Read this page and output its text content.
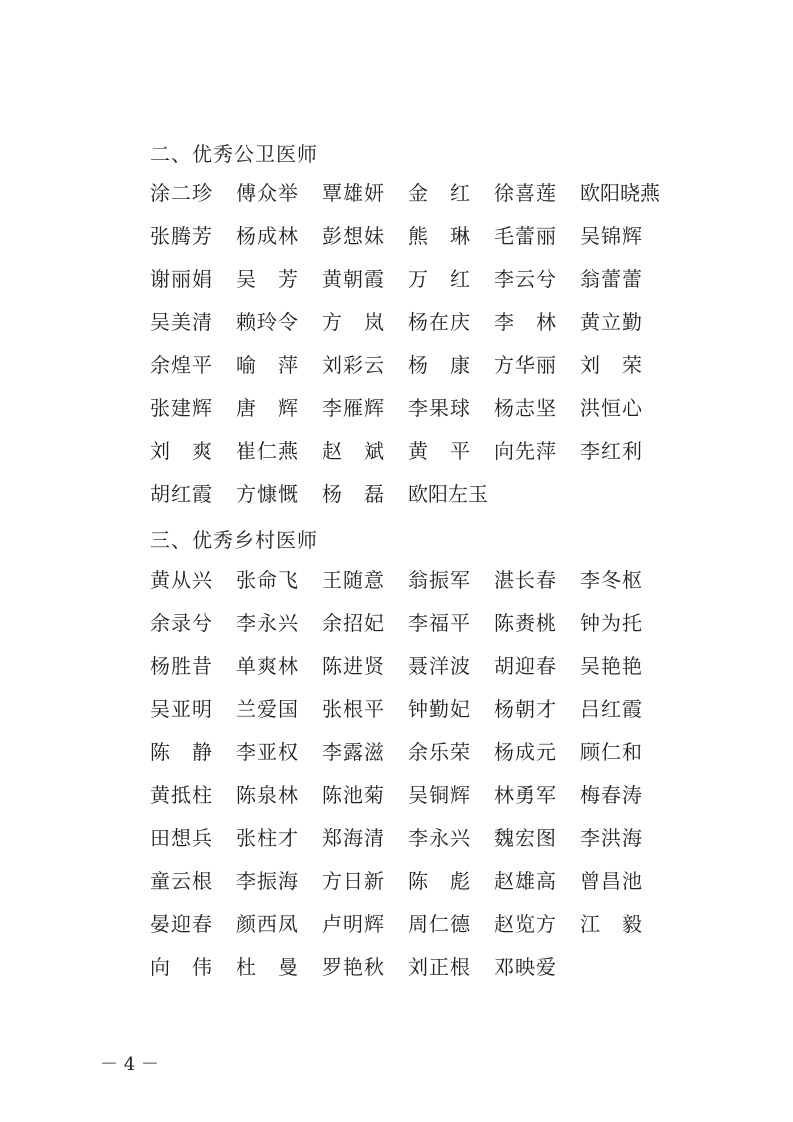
二、优秀公卫医师
涂二珍 傅众举 覃雄妍 金　红 徐喜莲 欧阳晓燕
张腾芳 杨成林 彭想妹 熊　琳 毛蕾丽 吴锦辉
谢丽娟 吴　芳 黄朝霞 万　红 李云兮 翁蕾蕾
吴美清 赖玲令 方　岚 杨在庆 李　林 黄立勤
余煌平 喻　萍 刘彩云 杨　康 方华丽 刘　荣
张建辉 唐　辉 李雁辉 李果球 杨志坚 洪恒心
刘　爽 崔仁燕 赵　斌 黄　平 向先萍 李红利
胡红霞 方慷慨 杨　磊 欧阳左玉
三、优秀乡村医师
黄从兴 张命飞 王随意 翁振军 湛长春 李冬枢
余录兮 李永兴 余招妃 李福平 陈赉桃 钟为托
杨胜昔 单爽林 陈进贤 聂洋波 胡迎春 吴艳艳
吴亚明 兰爱国 张根平 钟勤妃 杨朝才 吕红霞
陈　静 李亚权 李露滋 余乐荣 杨成元 顾仁和
黄抵柱 陈泉林 陈池菊 吴铜辉 林勇军 梅春涛
田想兵 张柱才 郑海清 李永兴 魏宏图 李洪海
童云根 李振海 方日新 陈　彪 赵雄高 曾昌池
晏迎春 颜西凤 卢明辉 周仁德 赵览方 江　毅
向　伟 杜　曼 罗艳秋 刘正根 邓映爱
－ 4 －
